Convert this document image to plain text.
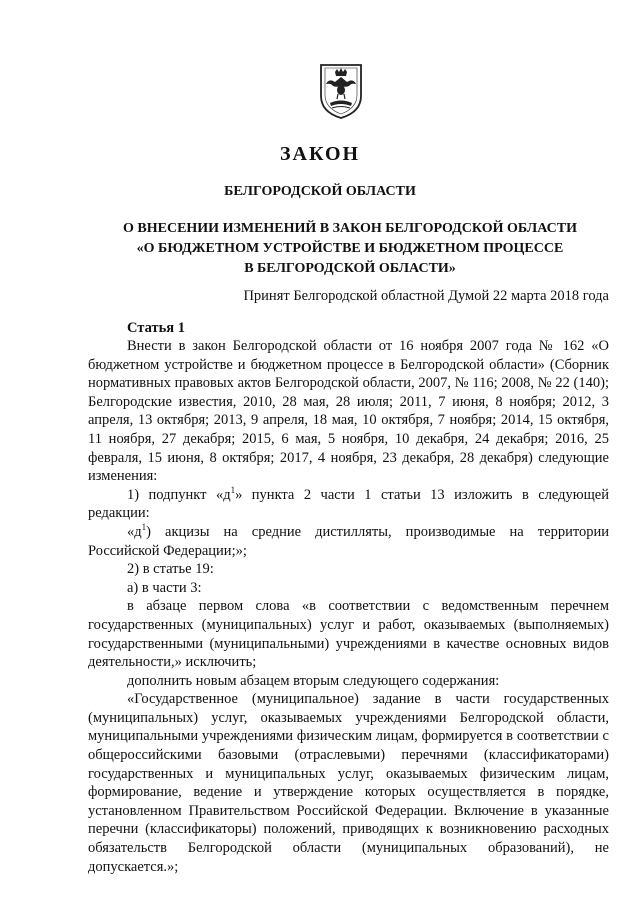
ЗАКОН
БЕЛГОРОДСКОЙ ОБЛАСТИ
О ВНЕСЕНИИ ИЗМЕНЕНИЙ В ЗАКОН БЕЛГОРОДСКОЙ ОБЛАСТИ
«О БЮДЖЕТНОМ УСТРОЙСТВЕ И БЮДЖЕТНОМ ПРОЦЕССЕ
В БЕЛГОРОДСКОЙ ОБЛАСТИ»
Принят Белгородской областной Думой 22 марта 2018 года
Статья 1

Внести в закон Белгородской области от 16 ноября 2007 года № 162 «О бюджетном устройстве и бюджетном процессе в Белгородской области» (Сборник нормативных правовых актов Белгородской области, 2007, № 116; 2008, № 22 (140); Белгородские известия, 2010, 28 мая, 28 июля; 2011, 7 июня, 8 ноября; 2012, 3 апреля, 13 октября; 2013, 9 апреля, 18 мая, 10 октября, 7 ноября; 2014, 15 октября, 11 ноября, 27 декабря; 2015, 6 мая, 5 ноября, 10 декабря, 24 декабря; 2016, 25 февраля, 15 июня, 8 октября; 2017, 4 ноября, 23 декабря, 28 декабря) следующие изменения:

1) подпункт «$д^1$» пункта 2 части 1 статьи 13 изложить в следующей редакции:

«$д^1$) акцизы на средние дистилляты, производимые на территории Российской Федерации;»;

2) в статье 19:

а) в части 3:

в абзаце первом слова «в соответствии с ведомственным перечнем государственных (муниципальных) услуг и работ, оказываемых (выполняемых) государственными (муниципальными) учреждениями в качестве основных видов деятельности,» исключить;

дополнить новым абзацем вторым следующего содержания:

«Государственное (муниципальное) задание в части государственных (муниципальных) услуг, оказываемых учреждениями Белгородской области, муниципальными учреждениями физическим лицам, формируется в соответствии с общероссийскими базовыми (отраслевыми) перечнями (классификаторами) государственных и муниципальных услуг, оказываемых физическим лицам, формирование, ведение и утверждение которых осуществляется в порядке, установленном Правительством Российской Федерации. Включение в указанные перечни (классификаторы) положений, приводящих к возникновению расходных обязательств Белгородской области (муниципальных образований), не допускается.»;
